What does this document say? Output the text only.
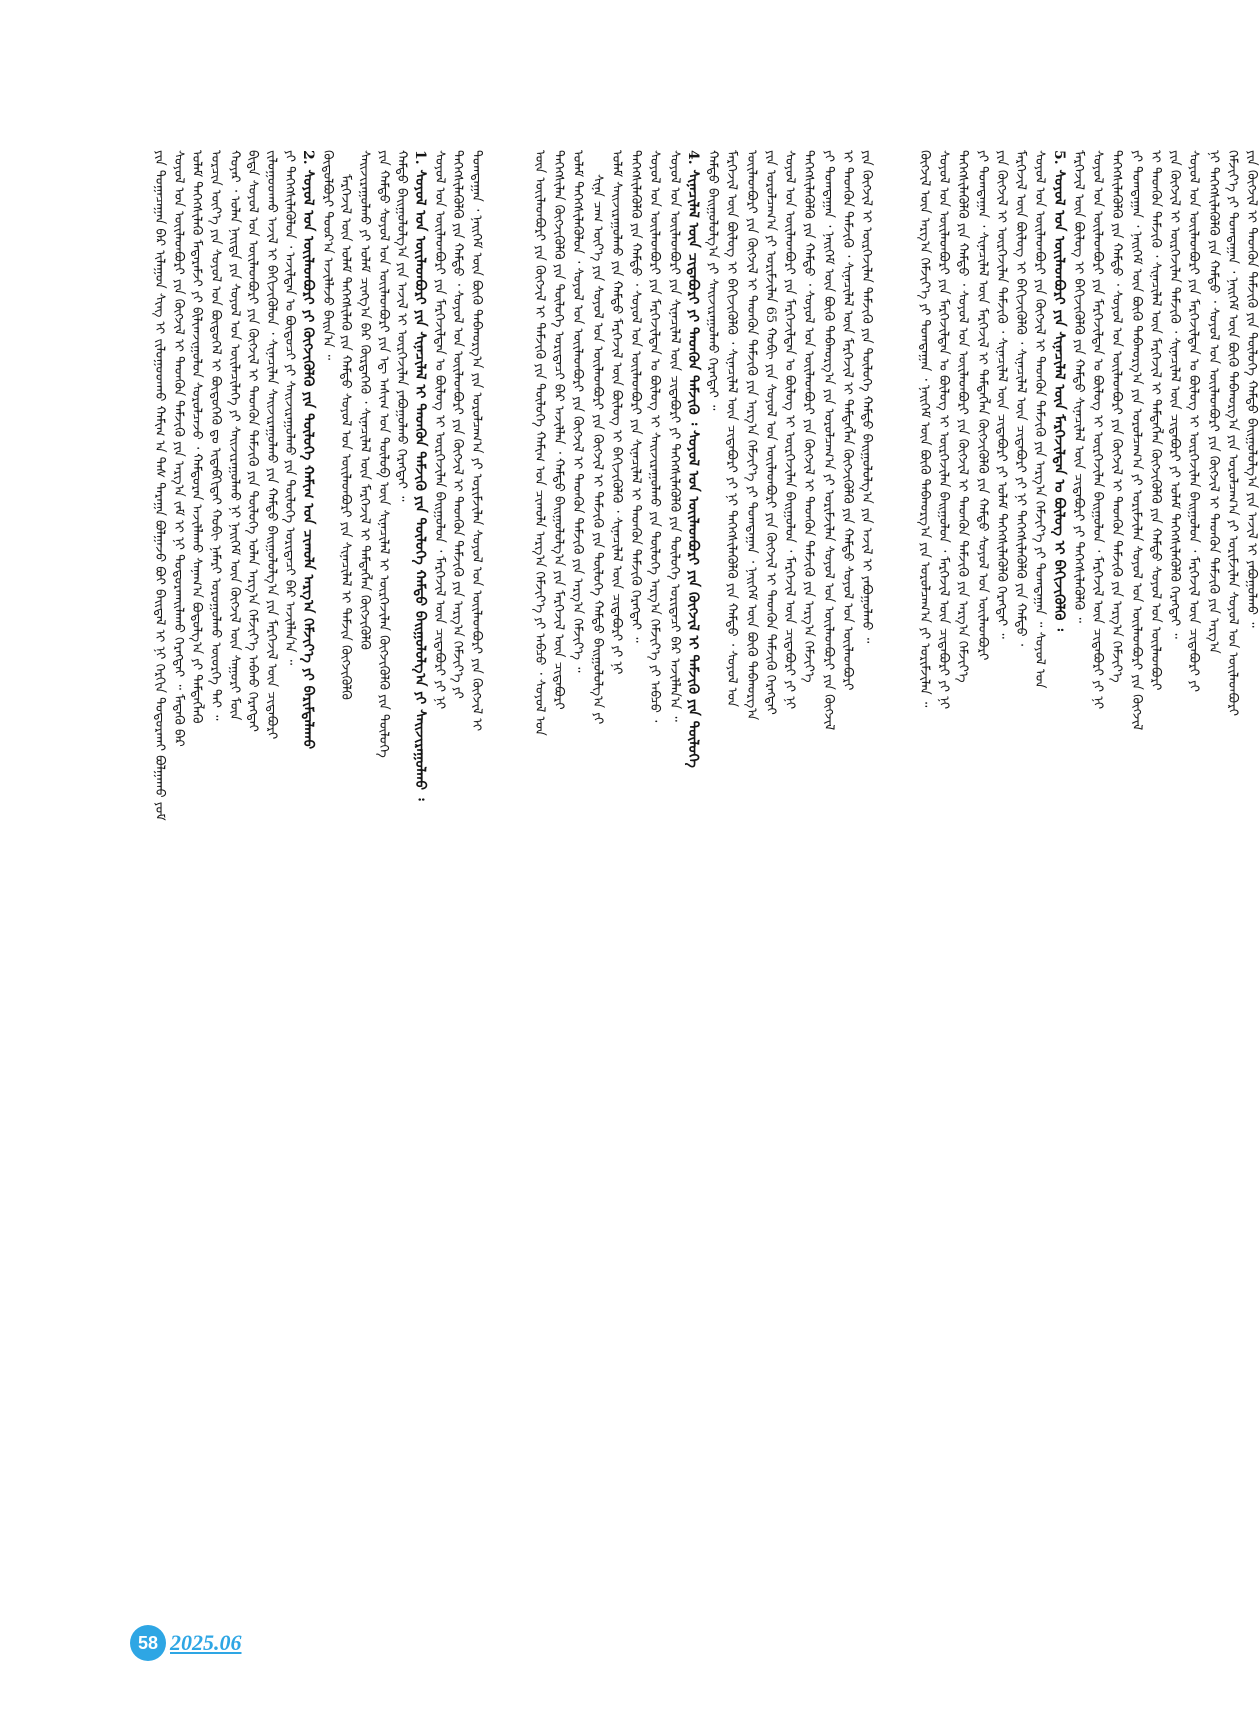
ᠶᠢᠨ ᠲᠣᠭᠠᠴᠠᠭᠠᠨ ᠪᠡᠷ ᠢᠯᠠᠭᠤᠨ ᠰᠢᠩ ᠢ ᠵᠢᠯᠣᠭᠣᠳᠬᠤ ᠬᠠᠮᠢᠭ ᠠ ᠳᠡᠰ ᠳᠠᠷᠠᠭᠠ ᠪᠣᠯᠭᠠᠵᠤ ᠪᠤᠢ ᠪᠠᠢᠳᠠᠯ ᠢ ᠨᠢ ᠬᠡᠷᠬᠢᠨ ᠲᠣᠳᠣᠷᠬᠠᠢ ᠪᠣᠯᠭᠠᠬᠤ ᠶᠤᠮ ᠰᠣᠶᠣᠯ ᠤᠨ ᠦᠢᠯᠡᠳᠪᠦᠷᠢ ᠶᠢᠨ ᠬᠥᠭᠵᠢᠯ ᠢ ᠲᠡᠳᠬᠦᠨ ᠳᠡᠮᠵᠢᠬᠦ ᠶᠢᠨ ᠠᠷᠭ᠎ᠠ ᠵᠠᠮ ᠢ ᠨᠢ ᠲᠣᠳᠣᠷᠬᠠᠢᠯᠠᠬᠤ ᠬᠡᠷᠡᠭᠲᠡᠢ ᠃ ᠮᠡᠳᠡᠬᠦ ᠪᠡᠷ ᠤᠯᠠᠮ ᠳᠡᠭᠡᠭᠰᠢᠯᠡᠬᠦ ᠮᠡᠳᠡᠷᠡᠮᠵᠢ ᠶᠢ ᠪᠢᠯᠢᠭᠵᠢᠭᠤᠯᠤᠨ ᠰᠤᠷᠤᠯᠴᠠᠵᠤ ᠂ ᠬᠠᠮᠲᠤᠷᠠᠨ ᠠᠵᠢᠯᠯᠠᠬᠤ ᠰᠠᠨᠠᠭ᠎ᠠ ᠪᠣᠳᠤᠯᠭ᠎ᠠ ᠶᠢ ᠲᠡᠮᠳᠡᠭᠯᠡᠬᠦ ᠣᠷᠴᠢᠨ ᠦᠶ᠎ᠡ ᠶᠢᠨ ᠰᠣᠶᠣᠯ ᠤᠨ ᠪᠦᠲᠦᠭᠡᠯ ᠢ ᠪᠦᠲᠦᠭᠡᠬᠦ ᠳᠤ ᠢᠳᠡᠪᠬᠢᠲᠡᠢ ᠬᠤᠪᠢ ᠨᠡᠮᠡᠷᠢ ᠣᠷᠣᠭᠤᠯᠬᠤ ᠦᠦᠷᠭᠡ ᠲᠡᠢ ᠃ ᠬᠣᠶᠠᠷ ᠂ ᠣᠯᠠᠨ ᠨᠡᠢᠲᠡ ᠶᠢᠨ ᠰᠣᠶᠣᠯ ᠤᠨ ᠦᠢᠯᠡᠴᠢᠯᠡᠭᠡ ᠶᠢ ᠰᠠᠢᠵᠢᠷᠠᠭᠤᠯᠬᠤ ᠨᠢ ᠨᠡᠢᠭᠡᠮ ᠦᠨ ᠬᠥᠭᠵᠢᠯ ᠦᠨ ᠰᠠᠭᠤᠷᠢ ᠮᠥᠨ ᠪᠢᠳᠡ ᠰᠣᠶᠣᠯ ᠤᠨ ᠦᠢᠯᠡᠳᠪᠦᠷᠢ ᠶᠢᠨ ᠬᠥᠭᠵᠢᠯ ᠢ ᠲᠡᠳᠬᠦᠨ ᠳᠡᠮᠵᠢᠬᠦ ᠶᠢᠨ ᠲᠥᠯᠥᠭᠡ ᠣᠯᠠᠨ ᠠᠷᠭ᠎ᠠ ᠬᠡᠮᠵᠢᠶ᠎ᠡ ᠠᠪᠬᠤ ᠬᠡᠷᠡᠭᠲᠡᠢ ᠵᠢᠯᠣᠭᠣᠳᠬᠤ ᠠᠵᠢᠯ ᠢ ᠪᠡᠬᠢᠵᠢᠭᠦᠯᠦᠨ ᠂ ᠰᠢᠨᠡᠴᠢᠯᠡᠨ ᠰᠠᠢᠵᠢᠷᠠᠭᠤᠯᠬᠤ ᠶᠢᠨ ᠬᠠᠮᠲᠤ ᠪᠠᠢᠭᠤᠯᠤᠯᠭ᠎ᠠ ᠶᠢᠨ ᠮᠡᠷᠭᠡᠵᠢᠯ ᠦᠨ ᠴᠢᠳᠠᠪᠤᠷᠢ ᠶᠢ ᠳᠡᠭᠡᠭᠰᠢᠯᠡᠭᠦᠯᠦᠨ ᠂ ᠠᠵᠢᠯᠲᠠᠨ ᠤ ᠪᠦᠲᠦᠴᠢ ᠶᠢ ᠰᠠᠢᠵᠢᠷᠠᠭᠤᠯᠬᠤ ᠶᠢᠨ ᠲᠥᠯᠥᠭᠡ ᠤᠷᠢᠳᠠᠴᠢ ᠪᠡᠷ ᠠᠵᠢᠯᠯᠠᠨ᠎ᠠ ᠃ 2. ᠰᠣᠶᠣᠯ ᠤᠨ ᠦᠢᠯᠡᠳᠪᠦᠷᠢ ᠶᠢ ᠬᠥᠭᠵᠢᠭᠦᠯᠬᠦ ᠶᠢᠨ ᠲᠥᠯᠥᠭᠡ ᠬᠠᠮᠢᠭ ᠤᠨ ᠴᠢᠬᠤᠯᠠ ᠠᠷᠭ᠎ᠠ ᠬᠡᠮᠵᠢᠶ᠎ᠡ ᠶᠢ ᠪᠠᠷᠢᠮᠲᠠᠯᠠᠬᠤ ᠬᠥᠲᠦᠯᠪᠦᠷᠢ ᠳᠣᠣᠷ᠎ᠠ ᠠᠵᠢᠯᠯᠠᠵᠤ ᠪᠠᠢᠨ᠎ᠠ ᠃ ᠮᠡᠷᠭᠡᠵᠢᠯ ᠦᠨ ᠤᠯᠠᠮ ᠳᠡᠭᠡᠭᠰᠢᠯᠡᠬᠦ ᠶᠢᠨ ᠬᠠᠮᠲᠤ ᠰᠣᠶᠣᠯ ᠤᠨ ᠦᠢᠯᠡᠳᠪᠦᠷᠢ ᠶᠢᠨ ᠰᠢᠨᠡᠴᠢᠯᠡᠯ ᠢ ᠳᠡᠮᠵᠢᠨ ᠬᠥᠭᠵᠢᠭᠦᠯᠬᠦ ᠰᠠᠢᠵᠢᠷᠠᠭᠤᠯᠬᠤ ᠶᠢ ᠤᠯᠠᠮ ᠴᠢᠩᠭ᠎ᠠ ᠪᠡᠷ ᠬᠦᠷᠲᠡᠭᠡᠬᠦ ᠂ ᠰᠢᠨᠡᠴᠢᠯᠡᠯ ᠦᠨ ᠮᠡᠷᠭᠡᠵᠢᠯ ᠢ ᠲᠡᠮᠳᠡᠭᠯᠡᠨ ᠬᠥᠭᠵᠢᠭᠦᠯᠬᠦ ᠶᠢᠨ ᠬᠠᠮᠲᠤ ᠰᠣᠶᠣᠯ ᠤᠨ ᠦᠢᠯᠡᠳᠪᠦᠷᠢ ᠶᠢᠨ ᠡᠳ᠋ ᠠᠰᠢᠭ ᠤᠨ ᠲᠥᠯᠥᠪ ᠦᠨ ᠰᠢᠨᠡᠴᠢᠯᠡᠯ ᠢ ᠦᠷᠭᠡᠵᠢᠯᠡᠨ ᠬᠥᠭᠵᠢᠭᠦᠯᠬᠦ ᠶᠢᠨ ᠲᠥᠯᠥᠭᠡ ᠬᠠᠮᠲᠤ ᠪᠠᠢᠭᠤᠯᠤᠯᠭ᠎ᠠ ᠶᠢᠨ ᠠᠵᠢᠯ ᠢ ᠦᠷᠭᠡᠵᠢᠯᠡᠨ ᠶᠠᠪᠤᠭᠤᠯᠬᠤ ᠬᠡᠷᠡᠭᠲᠡᠢ ᠃ 1. ᠰᠣᠶᠣᠯ ᠤᠨ ᠦᠢᠯᠡᠳᠪᠦᠷᠢ ᠶᠢᠨ ᠰᠢᠨᠡᠴᠢᠯᠡᠯ ᠢ ᠲᠡᠳᠬᠦᠨ ᠳᠡᠮᠵᠢᠬᠦ ᠶᠢᠨ ᠲᠥᠯᠥᠭᠡ ᠬᠠᠮᠲᠤ ᠪᠠᠢᠭᠤᠯᠤᠯᠭ᠎ᠠ ᠶᠢ ᠰᠠᠢᠵᠢᠷᠠᠭᠤᠯᠬᠤ ᠄ ᠰᠣᠶᠣᠯ ᠤᠨ ᠦᠢᠯᠡᠳᠪᠦᠷᠢ ᠶᠢᠨ ᠮᠡᠷᠭᠡᠵᠢᠯᠲᠡᠨ ᠤ ᠪᠦᠯᠦᠭ ᠢ ᠦᠷᠭᠡᠵᠢᠯᠡᠨ ᠪᠠᠢᠭᠤᠯᠤᠨ ᠂ ᠮᠡᠷᠭᠡᠵᠢᠯ ᠦᠨ ᠴᠢᠳᠠᠪᠤᠷᠢ ᠶᠢ ᠨᠢ ᠳᠡᠭᠡᠭᠰᠢᠯᠡᠭᠦᠯᠬᠦ ᠶᠢᠨ ᠬᠠᠮᠲᠤ ᠂ ᠰᠣᠶᠣᠯ ᠤᠨ ᠦᠢᠯᠡᠳᠪᠦᠷᠢ ᠶᠢᠨ ᠬᠥᠭᠵᠢᠯ ᠢ ᠲᠡᠳᠬᠦᠨ ᠳᠡᠮᠵᠢᠬᠦ ᠶᠢᠨ ᠠᠷᠭ᠎ᠠ ᠬᠡᠮᠵᠢᠶ᠎ᠡ ᠶᠢ ᠲᠣᠭᠲᠠᠭᠠᠨ ᠂ ᠨᠡᠢᠭᠡᠮ ᠦᠨ ᠪᠦᠬᠦ ᠳᠠᠪᠬᠤᠷᠭ᠎ᠠ ᠶᠢᠨ ᠣᠷᠣᠯᠴᠠᠭ᠎ᠠ ᠶᠢ ᠤᠷᠢᠮᠵᠢᠯᠠᠨ ᠰᠣᠶᠣᠯ ᠤᠨ ᠦᠢᠯᠡᠳᠪᠦᠷᠢ ᠶᠢᠨ ᠬᠥᠭᠵᠢᠯ ᠢ	ᠦᠨ ᠦᠢᠯᠡᠳᠪᠦᠷᠢ ᠶᠢᠨ ᠬᠥᠭᠵᠢᠯ ᠢ ᠳᠡᠮᠵᠢᠬᠦ ᠶᠢᠨ ᠲᠥᠯᠥᠭᠡ ᠬᠠᠮᠢᠭ ᠤᠨ ᠴᠢᠬᠤᠯᠠ ᠠᠷᠭ᠎ᠠ ᠬᠡᠮᠵᠢᠶ᠎ᠡ ᠶᠢ ᠠᠪᠴᠤ ᠂ ᠰᠣᠶᠣᠯ ᠤᠨ ᠳᠡᠭᠡᠭᠰᠢᠯᠡᠨ ᠬᠥᠭᠵᠢᠭᠦᠯᠬᠦ ᠶᠢᠨ ᠲᠥᠯᠥᠭᠡ ᠤᠷᠢᠳᠠᠴᠢ ᠪᠡᠷ ᠠᠵᠢᠯᠯᠠᠨ ᠂ ᠬᠠᠮᠲᠤ ᠪᠠᠢᠭᠤᠯᠤᠯᠭ᠎ᠠ ᠶᠢᠨ ᠮᠡᠷᠭᠡᠵᠢᠯ ᠦᠨ ᠴᠢᠳᠠᠪᠤᠷᠢ ᠤᠯᠠᠮ ᠳᠡᠭᠡᠭᠰᠢᠯᠡᠭᠦᠯᠦᠨ ᠂ ᠰᠣᠶᠣᠯ ᠤᠨ ᠦᠢᠯᠡᠳᠪᠦᠷᠢ ᠶᠢᠨ ᠬᠥᠭᠵᠢᠯ ᠢ ᠲᠡᠳᠬᠦᠨ ᠳᠡᠮᠵᠢᠬᠦ ᠶᠢᠨ ᠠᠷᠭ᠎ᠠ ᠬᠡᠮᠵᠢᠶ᠎ᠡ ᠃ ᠰᠢᠨᠡ ᠴᠠᠭ ᠦᠶ᠎ᠡ ᠶᠢᠨ ᠰᠣᠶᠣᠯ ᠤᠨ ᠦᠢᠯᠡᠳᠪᠦᠷᠢ ᠶᠢᠨ ᠬᠥᠭᠵᠢᠯ ᠢ ᠳᠡᠮᠵᠢᠬᠦ ᠶᠢᠨ ᠲᠥᠯᠥᠭᠡ ᠬᠠᠮᠲᠤ ᠪᠠᠢᠭᠤᠯᠤᠯᠭ᠎ᠠ ᠶᠢ ᠤᠯᠠᠮ ᠰᠠᠢᠵᠢᠷᠠᠭᠤᠯᠬᠤ ᠶᠢᠨ ᠬᠠᠮᠲᠤ ᠮᠡᠷᠭᠡᠵᠢᠯ ᠦᠨ ᠪᠦᠯᠦᠭ ᠢ ᠪᠡᠬᠢᠵᠢᠭᠦᠯᠬᠦ ᠂ ᠰᠢᠨᠡᠴᠢᠯᠡᠯ ᠦᠨ ᠴᠢᠳᠠᠪᠤᠷᠢ ᠶᠢ ᠨᠢ ᠳᠡᠭᠡᠭᠰᠢᠯᠡᠭᠦᠯᠬᠦ ᠶᠢᠨ ᠬᠠᠮᠲᠤ ᠂ ᠰᠣᠶᠣᠯ ᠤᠨ ᠦᠢᠯᠡᠳᠪᠦᠷᠢ ᠶᠢᠨ ᠰᠢᠨᠡᠴᠢᠯᠡᠯ ᠢ ᠲᠡᠳᠬᠦᠨ ᠳᠡᠮᠵᠢᠬᠦ ᠬᠡᠷᠡᠭᠲᠡᠢ ᠃ ᠰᠣᠶᠣᠯ ᠤᠨ ᠦᠢᠯᠡᠳᠪᠦᠷᠢ ᠶᠢᠨ ᠮᠡᠷᠭᠡᠵᠢᠯᠲᠡᠨ ᠤ ᠪᠦᠯᠦᠭ ᠢ ᠰᠠᠢᠵᠢᠷᠠᠭᠤᠯᠬᠤ ᠶᠢᠨ ᠲᠥᠯᠥᠭᠡ ᠠᠷᠭ᠎ᠠ ᠬᠡᠮᠵᠢᠶ᠎ᠡ ᠶᠢ ᠠᠪᠴᠤ ᠂ ᠰᠣᠶᠣᠯ ᠤᠨ ᠦᠢᠯᠡᠳᠪᠦᠷᠢ ᠶᠢᠨ ᠰᠢᠨᠡᠴᠢᠯᠡᠯ ᠦᠨ ᠴᠢᠳᠠᠪᠤᠷᠢ ᠶᠢ ᠳᠡᠭᠡᠭᠰᠢᠯᠡᠭᠦᠯᠬᠦ ᠶᠢᠨ ᠲᠥᠯᠥᠭᠡ ᠤᠷᠢᠳᠠᠴᠢ ᠪᠡᠷ ᠠᠵᠢᠯᠯᠠᠨ᠎ᠠ ᠃ 4. ᠰᠢᠨᠡᠴᠢᠯᠡᠯ ᠦᠨ ᠴᠢᠳᠠᠪᠤᠷᠢ ᠶᠢ ᠲᠡᠳᠬᠦᠨ ᠳᠡᠮᠵᠢᠬᠦ ᠄ ᠰᠣᠶᠣᠯ ᠤᠨ ᠦᠢᠯᠡᠳᠪᠦᠷᠢ ᠶᠢᠨ ᠬᠥᠭᠵᠢᠯ ᠢ ᠳᠡᠮᠵᠢᠬᠦ ᠶᠢᠨ ᠲᠥᠯᠥᠭᠡ ᠬᠠᠮᠲᠤ ᠪᠠᠢᠭᠤᠯᠤᠯᠭ᠎ᠠ ᠶᠢ ᠰᠠᠢᠵᠢᠷᠠᠭᠤᠯᠬᠤ ᠬᠡᠷᠡᠭᠲᠡᠢ ᠃ ᠮᠡᠷᠭᠡᠵᠢᠯ ᠦᠨ ᠪᠦᠯᠦᠭ ᠢ ᠪᠡᠬᠢᠵᠢᠭᠦᠯᠬᠦ ᠂ ᠰᠢᠨᠡᠴᠢᠯᠡᠯ ᠦᠨ ᠴᠢᠳᠠᠪᠤᠷᠢ ᠶᠢ ᠨᠢ ᠳᠡᠭᠡᠭᠰᠢᠯᠡᠭᠦᠯᠬᠦ ᠶᠢᠨ ᠬᠠᠮᠲᠤ ᠂ ᠰᠣᠶᠣᠯ ᠤᠨ ᠦᠢᠯᠡᠳᠪᠦᠷᠢ ᠶᠢᠨ ᠬᠥᠭᠵᠢᠯ ᠢ ᠲᠡᠳᠬᠦᠨ ᠳᠡᠮᠵᠢᠬᠦ ᠶᠢᠨ ᠠᠷᠭ᠎ᠠ ᠬᠡᠮᠵᠢᠶ᠎ᠡ ᠶᠢ ᠲᠣᠭᠲᠠᠭᠠᠨ ᠂ ᠨᠡᠢᠭᠡᠮ ᠦᠨ ᠪᠦᠬᠦ ᠳᠠᠪᠬᠤᠷᠭ᠎ᠠ ᠶᠢᠨ ᠣᠷᠣᠯᠴᠠᠭ᠎ᠠ ᠶᠢ ᠤᠷᠢᠮᠵᠢᠯᠠᠨ 65 ᠬᠤᠪᠢ ᠶᠢᠨ ᠰᠣᠶᠣᠯ ᠤᠨ ᠦᠢᠯᠡᠳᠪᠦᠷᠢ ᠶᠢᠨ ᠬᠥᠭᠵᠢᠯ ᠢ ᠲᠡᠳᠬᠦᠨ ᠳᠡᠮᠵᠢᠬᠦ ᠬᠡᠷᠡᠭᠲᠡᠢ ᠰᠣᠶᠣᠯ ᠤᠨ ᠦᠢᠯᠡᠳᠪᠦᠷᠢ ᠶᠢᠨ ᠮᠡᠷᠭᠡᠵᠢᠯᠲᠡᠨ ᠤ ᠪᠦᠯᠦᠭ ᠢ ᠦᠷᠭᠡᠵᠢᠯᠡᠨ ᠪᠠᠢᠭᠤᠯᠤᠨ ᠂ ᠮᠡᠷᠭᠡᠵᠢᠯ ᠦᠨ ᠴᠢᠳᠠᠪᠤᠷᠢ ᠶᠢ ᠨᠢ ᠳᠡᠭᠡᠭᠰᠢᠯᠡᠭᠦᠯᠬᠦ ᠶᠢᠨ ᠬᠠᠮᠲᠤ ᠂ ᠰᠣᠶᠣᠯ ᠤᠨ ᠦᠢᠯᠡᠳᠪᠦᠷᠢ ᠶᠢᠨ ᠬᠥᠭᠵᠢᠯ ᠢ ᠲᠡᠳᠬᠦᠨ ᠳᠡᠮᠵᠢᠬᠦ ᠶᠢᠨ ᠠᠷᠭ᠎ᠠ ᠬᠡᠮᠵᠢᠶ᠎ᠡ ᠶᠢ ᠲᠣᠭᠲᠠᠭᠠᠨ ᠂ ᠨᠡᠢᠭᠡᠮ ᠦᠨ ᠪᠦᠬᠦ ᠳᠠᠪᠬᠤᠷᠭ᠎ᠠ ᠶᠢᠨ ᠣᠷᠣᠯᠴᠠᠭ᠎ᠠ ᠶᠢ ᠤᠷᠢᠮᠵᠢᠯᠠᠨ ᠰᠣᠶᠣᠯ ᠤᠨ ᠦᠢᠯᠡᠳᠪᠦᠷᠢ ᠶᠢᠨ ᠬᠥᠭᠵᠢᠯ ᠢ ᠲᠡᠳᠬᠦᠨ ᠳᠡᠮᠵᠢᠬᠦ ᠂ ᠰᠢᠨᠡᠴᠢᠯᠡᠯ ᠦᠨ ᠮᠡᠷᠭᠡᠵᠢᠯ ᠢ ᠲᠡᠮᠳᠡᠭᠯᠡᠨ ᠬᠥᠭᠵᠢᠭᠦᠯᠬᠦ ᠶᠢᠨ ᠬᠠᠮᠲᠤ ᠰᠣᠶᠣᠯ ᠤᠨ ᠦᠢᠯᠡᠳᠪᠦᠷᠢ ᠶᠢᠨ ᠬᠥᠭᠵᠢᠯ ᠢ ᠦᠷᠭᠡᠵᠢᠯᠡᠨ ᠳᠡᠮᠵᠢᠬᠦ ᠶᠢᠨ ᠲᠥᠯᠥᠭᠡ ᠬᠠᠮᠲᠤ ᠪᠠᠢᠭᠤᠯᠤᠯᠭ᠎ᠠ ᠶᠢᠨ ᠠᠵᠢᠯ ᠢ ᠶᠠᠪᠤᠭᠤᠯᠬᠤ ᠃	ᠬᠥᠭᠵᠢᠯ ᠦᠨ ᠠᠷᠭ᠎ᠠ ᠬᠡᠮᠵᠢᠶ᠎ᠡ ᠶᠢ ᠲᠣᠭᠲᠠᠭᠠᠨ ᠂ ᠨᠡᠢᠭᠡᠮ ᠦᠨ ᠪᠦᠬᠦ ᠳᠠᠪᠬᠤᠷᠭ᠎ᠠ ᠶᠢᠨ ᠣᠷᠣᠯᠴᠠᠭ᠎ᠠ ᠶᠢ ᠤᠷᠢᠮᠵᠢᠯᠠᠨ ᠃ ᠰᠣᠶᠣᠯ ᠤᠨ ᠦᠢᠯᠡᠳᠪᠦᠷᠢ ᠶᠢᠨ ᠮᠡᠷᠭᠡᠵᠢᠯᠲᠡᠨ ᠤ ᠪᠦᠯᠦᠭ ᠢ ᠦᠷᠭᠡᠵᠢᠯᠡᠨ ᠪᠠᠢᠭᠤᠯᠤᠨ ᠂ ᠮᠡᠷᠭᠡᠵᠢᠯ ᠦᠨ ᠴᠢᠳᠠᠪᠤᠷᠢ ᠶᠢ ᠨᠢ ᠳᠡᠭᠡᠭᠰᠢᠯᠡᠭᠦᠯᠬᠦ ᠶᠢᠨ ᠬᠠᠮᠲᠤ ᠂ ᠰᠣᠶᠣᠯ ᠤᠨ ᠦᠢᠯᠡᠳᠪᠦᠷᠢ ᠶᠢᠨ ᠬᠥᠭᠵᠢᠯ ᠢ ᠲᠡᠳᠬᠦᠨ ᠳᠡᠮᠵᠢᠬᠦ ᠶᠢᠨ ᠠᠷᠭ᠎ᠠ ᠬᠡᠮᠵᠢᠶ᠎ᠡ ᠶᠢ ᠲᠣᠭᠲᠠᠭᠠᠨ ᠂ ᠰᠢᠨᠡᠴᠢᠯᠡᠯ ᠦᠨ ᠮᠡᠷᠭᠡᠵᠢᠯ ᠢ ᠲᠡᠮᠳᠡᠭᠯᠡᠨ ᠬᠥᠭᠵᠢᠭᠦᠯᠬᠦ ᠶᠢᠨ ᠬᠠᠮᠲᠤ ᠰᠣᠶᠣᠯ ᠤᠨ ᠦᠢᠯᠡᠳᠪᠦᠷᠢ ᠶᠢᠨ ᠬᠥᠭᠵᠢᠯ ᠢ ᠦᠷᠭᠡᠵᠢᠯᠡᠨ ᠳᠡᠮᠵᠢᠬᠦ ᠂ ᠰᠢᠨᠡᠴᠢᠯᠡᠯ ᠦᠨ ᠴᠢᠳᠠᠪᠤᠷᠢ ᠶᠢ ᠤᠯᠠᠮ ᠳᠡᠭᠡᠭᠰᠢᠯᠡᠭᠦᠯᠬᠦ ᠬᠡᠷᠡᠭᠲᠡᠢ ᠃ ᠮᠡᠷᠭᠡᠵᠢᠯ ᠦᠨ ᠪᠦᠯᠦᠭ ᠢ ᠪᠡᠬᠢᠵᠢᠭᠦᠯᠬᠦ ᠂ ᠰᠢᠨᠡᠴᠢᠯᠡᠯ ᠦᠨ ᠴᠢᠳᠠᠪᠤᠷᠢ ᠶᠢ ᠨᠢ ᠳᠡᠭᠡᠭᠰᠢᠯᠡᠭᠦᠯᠬᠦ ᠶᠢᠨ ᠬᠠᠮᠲᠤ ᠂ ᠰᠣᠶᠣᠯ ᠤᠨ ᠦᠢᠯᠡᠳᠪᠦᠷᠢ ᠶᠢᠨ ᠬᠥᠭᠵᠢᠯ ᠢ ᠲᠡᠳᠬᠦᠨ ᠳᠡᠮᠵᠢᠬᠦ ᠶᠢᠨ ᠠᠷᠭ᠎ᠠ ᠬᠡᠮᠵᠢᠶ᠎ᠡ ᠶᠢ ᠲᠣᠭᠲᠠᠭᠠᠨ ᠃ ᠰᠣᠶᠣᠯ ᠤᠨ 5. ᠰᠣᠶᠣᠯ ᠤᠨ ᠦᠢᠯᠡᠳᠪᠦᠷᠢ ᠶᠢᠨ ᠰᠢᠨᠡᠴᠢᠯᠡᠯ ᠦᠨ ᠮᠡᠷᠭᠡᠵᠢᠯᠲᠡᠨ ᠤ ᠪᠦᠯᠦᠭ ᠢ ᠪᠡᠬᠢᠵᠢᠭᠦᠯᠬᠦ ᠄ ᠮᠡᠷᠭᠡᠵᠢᠯ ᠦᠨ ᠪᠦᠯᠦᠭ ᠢ ᠪᠡᠬᠢᠵᠢᠭᠦᠯᠬᠦ ᠶᠢᠨ ᠬᠠᠮᠲᠤ ᠰᠢᠨᠡᠴᠢᠯᠡᠯ ᠦᠨ ᠴᠢᠳᠠᠪᠤᠷᠢ ᠶᠢ ᠳᠡᠭᠡᠭᠰᠢᠯᠡᠭᠦᠯᠬᠦ ᠃ ᠰᠣᠶᠣᠯ ᠤᠨ ᠦᠢᠯᠡᠳᠪᠦᠷᠢ ᠶᠢᠨ ᠮᠡᠷᠭᠡᠵᠢᠯᠲᠡᠨ ᠤ ᠪᠦᠯᠦᠭ ᠢ ᠦᠷᠭᠡᠵᠢᠯᠡᠨ ᠪᠠᠢᠭᠤᠯᠤᠨ ᠂ ᠮᠡᠷᠭᠡᠵᠢᠯ ᠦᠨ ᠴᠢᠳᠠᠪᠤᠷᠢ ᠶᠢ ᠨᠢ ᠳᠡᠭᠡᠭᠰᠢᠯᠡᠭᠦᠯᠬᠦ ᠶᠢᠨ ᠬᠠᠮᠲᠤ ᠂ ᠰᠣᠶᠣᠯ ᠤᠨ ᠦᠢᠯᠡᠳᠪᠦᠷᠢ ᠶᠢᠨ ᠬᠥᠭᠵᠢᠯ ᠢ ᠲᠡᠳᠬᠦᠨ ᠳᠡᠮᠵᠢᠬᠦ ᠶᠢᠨ ᠠᠷᠭ᠎ᠠ ᠬᠡᠮᠵᠢᠶ᠎ᠡ ᠶᠢ ᠲᠣᠭᠲᠠᠭᠠᠨ ᠂ ᠨᠡᠢᠭᠡᠮ ᠦᠨ ᠪᠦᠬᠦ ᠳᠠᠪᠬᠤᠷᠭ᠎ᠠ ᠶᠢᠨ ᠣᠷᠣᠯᠴᠠᠭ᠎ᠠ ᠶᠢ ᠤᠷᠢᠮᠵᠢᠯᠠᠨ ᠰᠣᠶᠣᠯ ᠤᠨ ᠦᠢᠯᠡᠳᠪᠦᠷᠢ ᠶᠢᠨ ᠬᠥᠭᠵᠢᠯ ᠢ ᠲᠡᠳᠬᠦᠨ ᠳᠡᠮᠵᠢᠬᠦ ᠂ ᠰᠢᠨᠡᠴᠢᠯᠡᠯ ᠦᠨ ᠮᠡᠷᠭᠡᠵᠢᠯ ᠢ ᠲᠡᠮᠳᠡᠭᠯᠡᠨ ᠬᠥᠭᠵᠢᠭᠦᠯᠬᠦ ᠶᠢᠨ ᠬᠠᠮᠲᠤ ᠰᠣᠶᠣᠯ ᠤᠨ ᠦᠢᠯᠡᠳᠪᠦᠷᠢ ᠶᠢᠨ ᠬᠥᠭᠵᠢᠯ ᠢ ᠦᠷᠭᠡᠵᠢᠯᠡᠨ ᠳᠡᠮᠵᠢᠬᠦ ᠂ ᠰᠢᠨᠡᠴᠢᠯᠡᠯ ᠦᠨ ᠴᠢᠳᠠᠪᠤᠷᠢ ᠶᠢ ᠤᠯᠠᠮ ᠳᠡᠭᠡᠭᠰᠢᠯᠡᠭᠦᠯᠬᠦ ᠬᠡᠷᠡᠭᠲᠡᠢ ᠃ ᠰᠣᠶᠣᠯ ᠤᠨ ᠦᠢᠯᠡᠳᠪᠦᠷᠢ ᠶᠢᠨ ᠮᠡᠷᠭᠡᠵᠢᠯᠲᠡᠨ ᠤ ᠪᠦᠯᠦᠭ ᠢ ᠦᠷᠭᠡᠵᠢᠯᠡᠨ ᠪᠠᠢᠭᠤᠯᠤᠨ ᠂ ᠮᠡᠷᠭᠡᠵᠢᠯ ᠦᠨ ᠴᠢᠳᠠᠪᠤᠷᠢ ᠶᠢ ᠨᠢ ᠳᠡᠭᠡᠭᠰᠢᠯᠡᠭᠦᠯᠬᠦ ᠶᠢᠨ ᠬᠠᠮᠲᠤ ᠂ ᠰᠣᠶᠣᠯ ᠤᠨ ᠦᠢᠯᠡᠳᠪᠦᠷᠢ ᠶᠢᠨ ᠬᠥᠭᠵᠢᠯ ᠢ ᠲᠡᠳᠬᠦᠨ ᠳᠡᠮᠵᠢᠬᠦ ᠶᠢᠨ ᠠᠷᠭ᠎ᠠ ᠬᠡᠮᠵᠢᠶ᠎ᠡ ᠶᠢ ᠲᠣᠭᠲᠠᠭᠠᠨ ᠂ ᠨᠡᠢᠭᠡᠮ ᠦᠨ ᠪᠦᠬᠦ ᠳᠠᠪᠬᠤᠷᠭ᠎ᠠ ᠶᠢᠨ ᠣᠷᠣᠯᠴᠠᠭ᠎ᠠ ᠶᠢ ᠤᠷᠢᠮᠵᠢᠯᠠᠨ ᠰᠣᠶᠣᠯ ᠤᠨ ᠦᠢᠯᠡᠳᠪᠦᠷᠢ ᠶᠢᠨ ᠬᠥᠭᠵᠢᠯ ᠢ ᠲᠡᠳᠬᠦᠨ ᠳᠡᠮᠵᠢᠬᠦ ᠶᠢᠨ ᠲᠥᠯᠥᠭᠡ ᠬᠠᠮᠲᠤ ᠪᠠᠢᠭᠤᠯᠤᠯᠭ᠎ᠠ ᠶᠢᠨ ᠠᠵᠢᠯ ᠢ ᠶᠠᠪᠤᠭᠤᠯᠬᠤ ᠃
58 2025.06
